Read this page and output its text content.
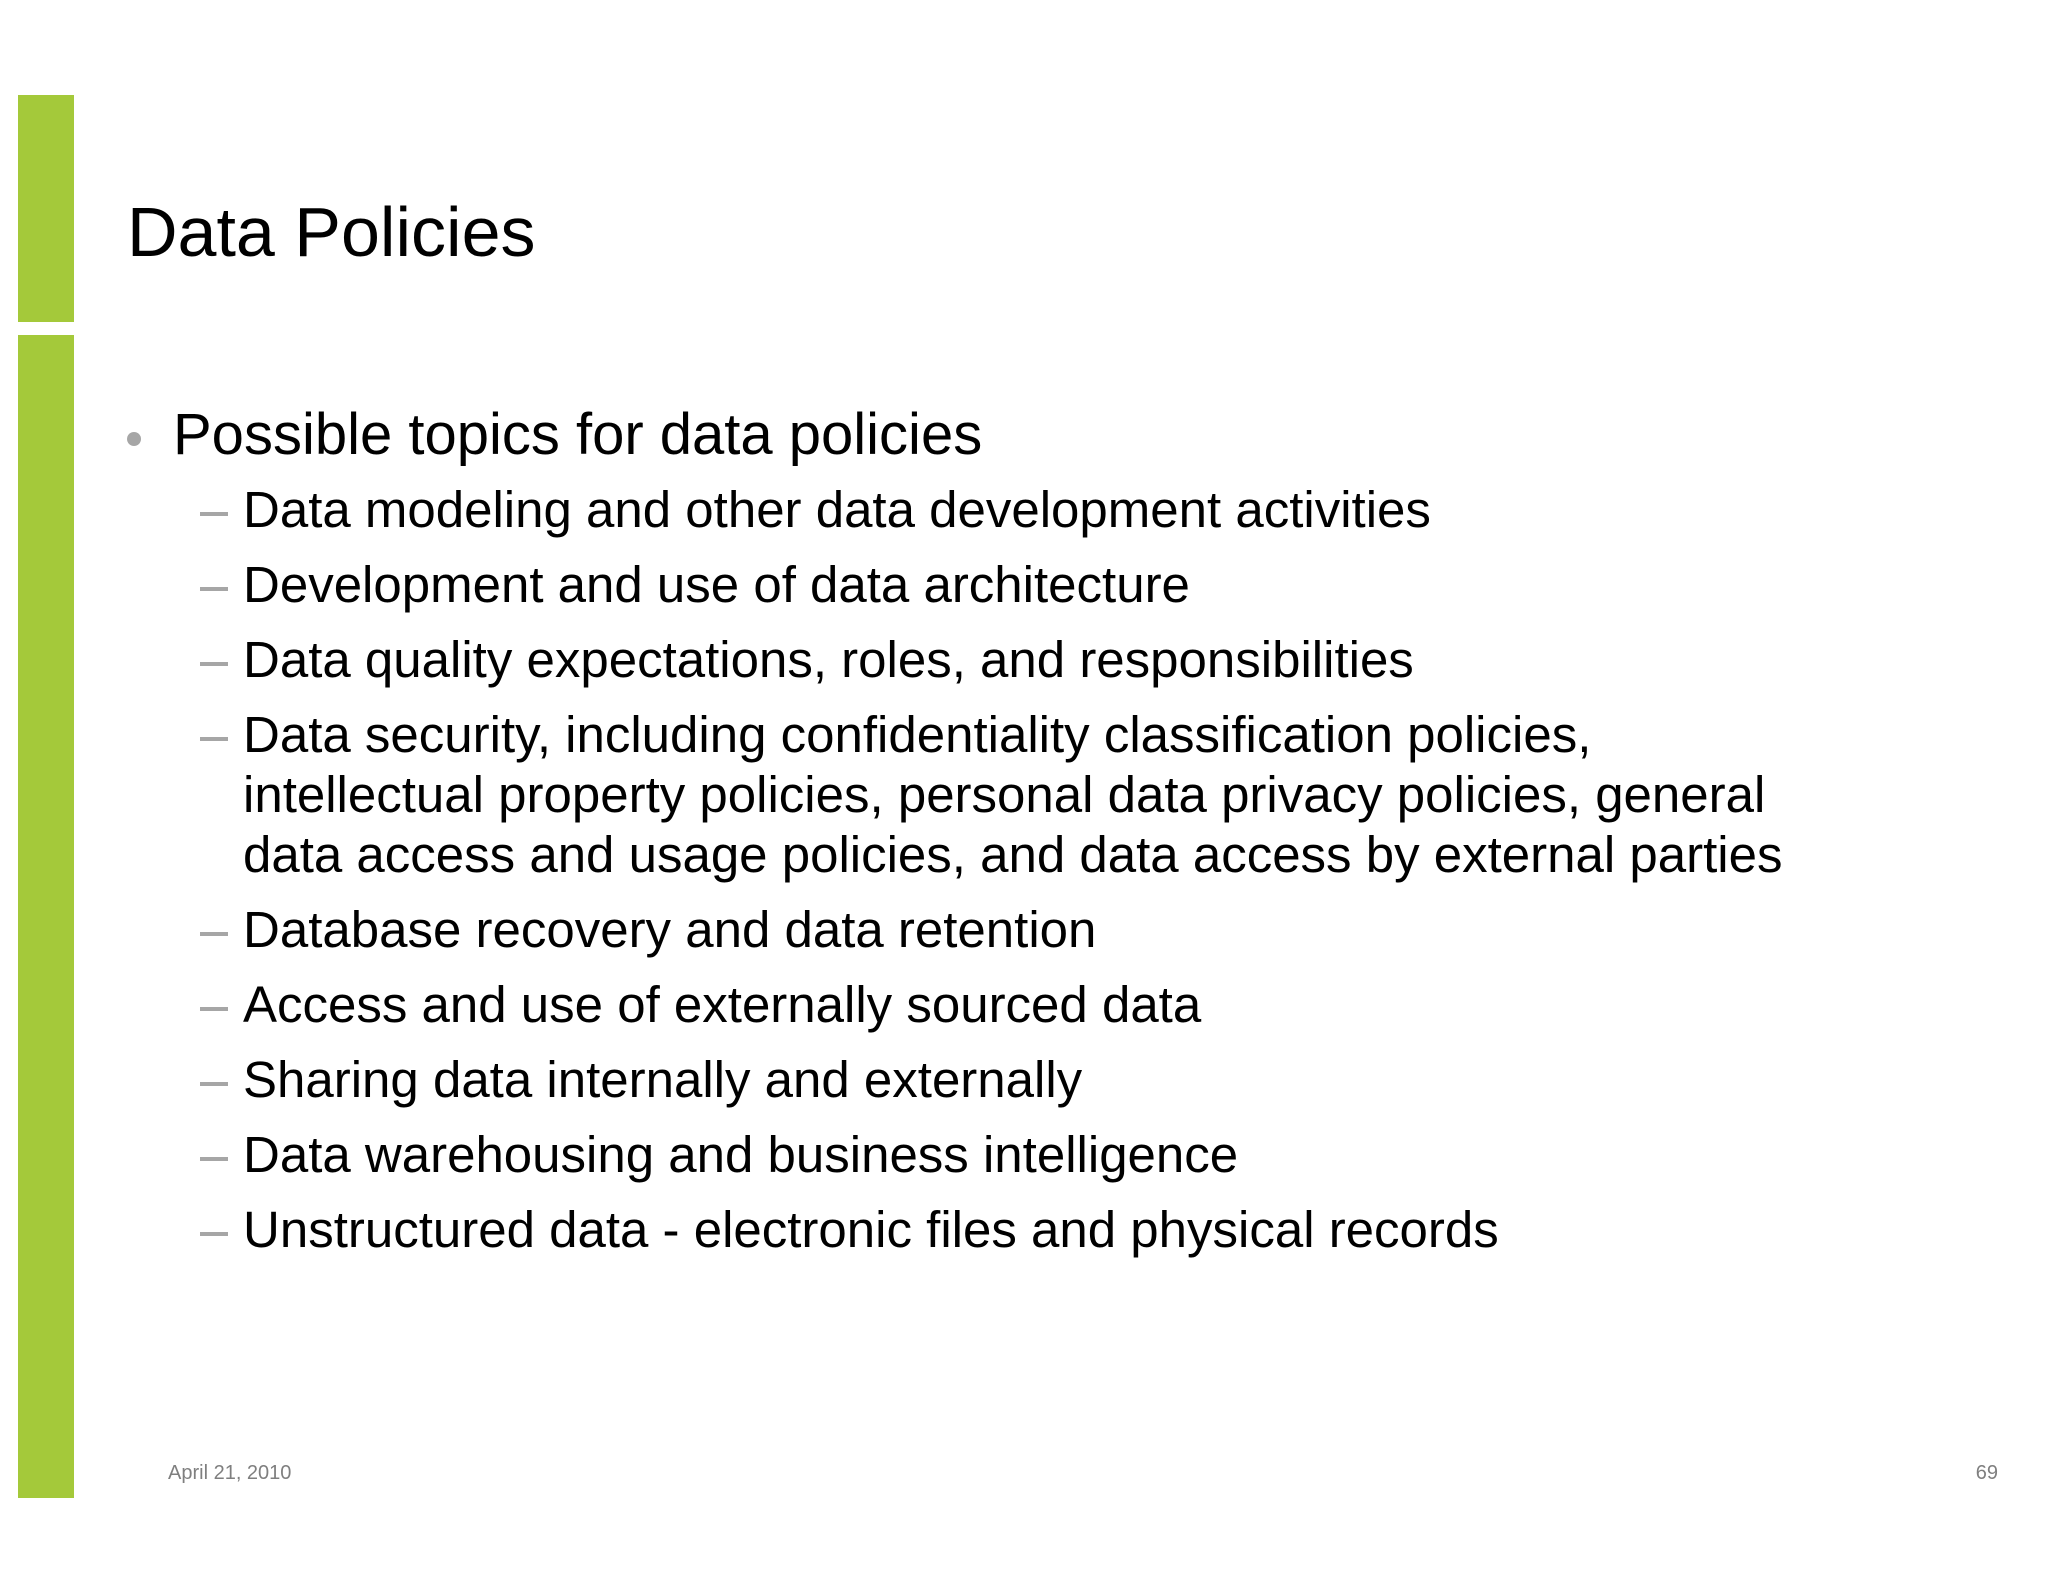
Data Policies
Possible topics for data policies
Data modeling and other data development activities
Development and use of data architecture
Data quality expectations, roles, and responsibilities
Data security, including confidentiality classification policies, intellectual property policies, personal data privacy policies, general data access and usage policies, and data access by external parties
Database recovery and data retention
Access and use of externally sourced data
Sharing data internally and externally
Data warehousing and business intelligence
Unstructured data - electronic files and physical records
April 21, 2010	69
